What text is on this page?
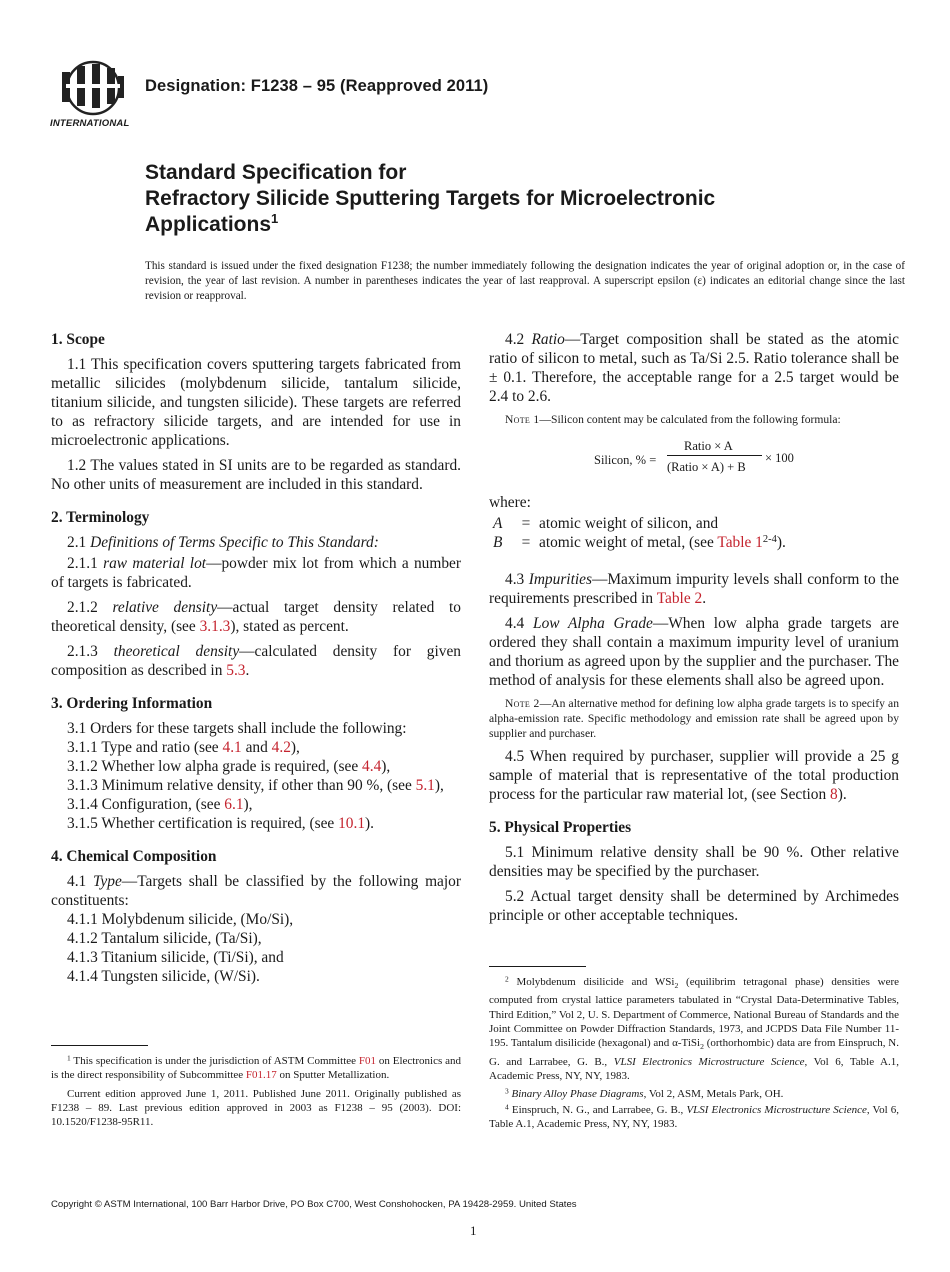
INTERNATIONAL
Designation: F1238 – 95 (Reapproved 2011)
Standard Specification for
Refractory Silicide Sputtering Targets for Microelectronic
Applications$^1$
This standard is issued under the fixed designation F1238; the number immediately following the designation indicates the year of original adoption or, in the case of revision, the year of last revision. A number in parentheses indicates the year of last reapproval. A superscript epsilon (ε) indicates an editorial change since the last revision or reapproval.
1. Scope

1.1 This specification covers sputtering targets fabricated from metallic silicides (molybdenum silicide, tantalum silicide, titanium silicide, and tungsten silicide). These targets are referred to as refractory silicide targets, and are intended for use in microelectronic applications.

1.2 The values stated in SI units are to be regarded as standard. No other units of measurement are included in this standard.

2. Terminology

2.1 Definitions of Terms Specific to This Standard:

2.1.1 raw material lot—powder mix lot from which a number of targets is fabricated.

2.1.2 relative density—actual target density related to theoretical density, (see 3.1.3), stated as percent.

2.1.3 theoretical density—calculated density for given composition as described in 5.3.

3. Ordering Information

3.1 Orders for these targets shall include the following:

3.1.1 Type and ratio (see 4.1 and 4.2),

3.1.2 Whether low alpha grade is required, (see 4.4),

3.1.3 Minimum relative density, if other than 90 %, (see 5.1),

3.1.4 Configuration, (see 6.1),

3.1.5 Whether certification is required, (see 10.1).

4. Chemical Composition

4.1 Type—Targets shall be classified by the following major constituents:

4.1.1 Molybdenum silicide, (Mo/Si),

4.1.2 Tantalum silicide, (Ta/Si),

4.1.3 Titanium silicide, (Ti/Si), and

4.1.4 Tungsten silicide, (W/Si).

$^1$ This specification is under the jurisdiction of ASTM Committee F01 on Electronics and is the direct responsibility of Subcommittee F01.17 on Sputter Metallization.

Current edition approved June 1, 2011. Published June 2011. Originally published as F1238 – 89. Last previous edition approved in 2003 as F1238 – 95 (2003). DOI: 10.1520/F1238-95R11.

4.2 Ratio—Target composition shall be stated as the atomic ratio of silicon to metal, such as Ta/Si 2.5. Ratio tolerance shall be ± 0.1. Therefore, the acceptable range for a 2.5 target would be 2.4 to 2.6.

Note 1—Silicon content may be calculated from the following formula:

Silicon, % =
Ratio × A
(Ratio × A) + B
× 100

where:

A	= atomic weight of silicon, and
B	= atomic weight of metal, (see Table 1$^{2-4}$).

4.3 Impurities—Maximum impurity levels shall conform to the requirements prescribed in Table 2.

4.4 Low Alpha Grade—When low alpha grade targets are ordered they shall contain a maximum impurity level of uranium and thorium as agreed upon by the supplier and the purchaser. The method of analysis for these elements shall also be agreed upon.

Note 2—An alternative method for defining low alpha grade targets is to specify an alpha-emission rate. Specific methodology and emission rate shall be agreed upon by supplier and purchaser.

4.5 When required by purchaser, supplier will provide a 25 g sample of material that is representative of the total production process for the particular raw material lot, (see Section 8).

5. Physical Properties

5.1 Minimum relative density shall be 90 %. Other relative densities may be specified by the purchaser.

5.2 Actual target density shall be determined by Archimedes principle or other acceptable techniques.

$^2$ Molybdenum disilicide and WSi$_2$ (equilibrim tetragonal phase) densities were computed from crystal lattice parameters tabulated in “Crystal Data-Determinative Tables, Third Edition,” Vol 2, U. S. Department of Commerce, National Bureau of Standards and the Joint Committee on Powder Diffraction Standards, 1973, and JCPDS Data File Number 11-195. Tantalum disilicide (hexagonal) and α-TiSi$_2$ (orthorhombic) data are from Einspruch, N. G. and Larrabee, G. B., VLSI Electronics Microstructure Science, Vol 6, Table A.1, Academic Press, NY, NY, 1983.

$^3$ Binary Alloy Phase Diagrams, Vol 2, ASM, Metals Park, OH.

$^4$ Einspruch, N. G., and Larrabee, G. B., VLSI Electronics Microstructure Science, Vol 6, Table A.1, Academic Press, NY, NY, 1983.

Copyright © ASTM International, 100 Barr Harbor Drive, PO Box C700, West Conshohocken, PA 19428-2959. United States
1
